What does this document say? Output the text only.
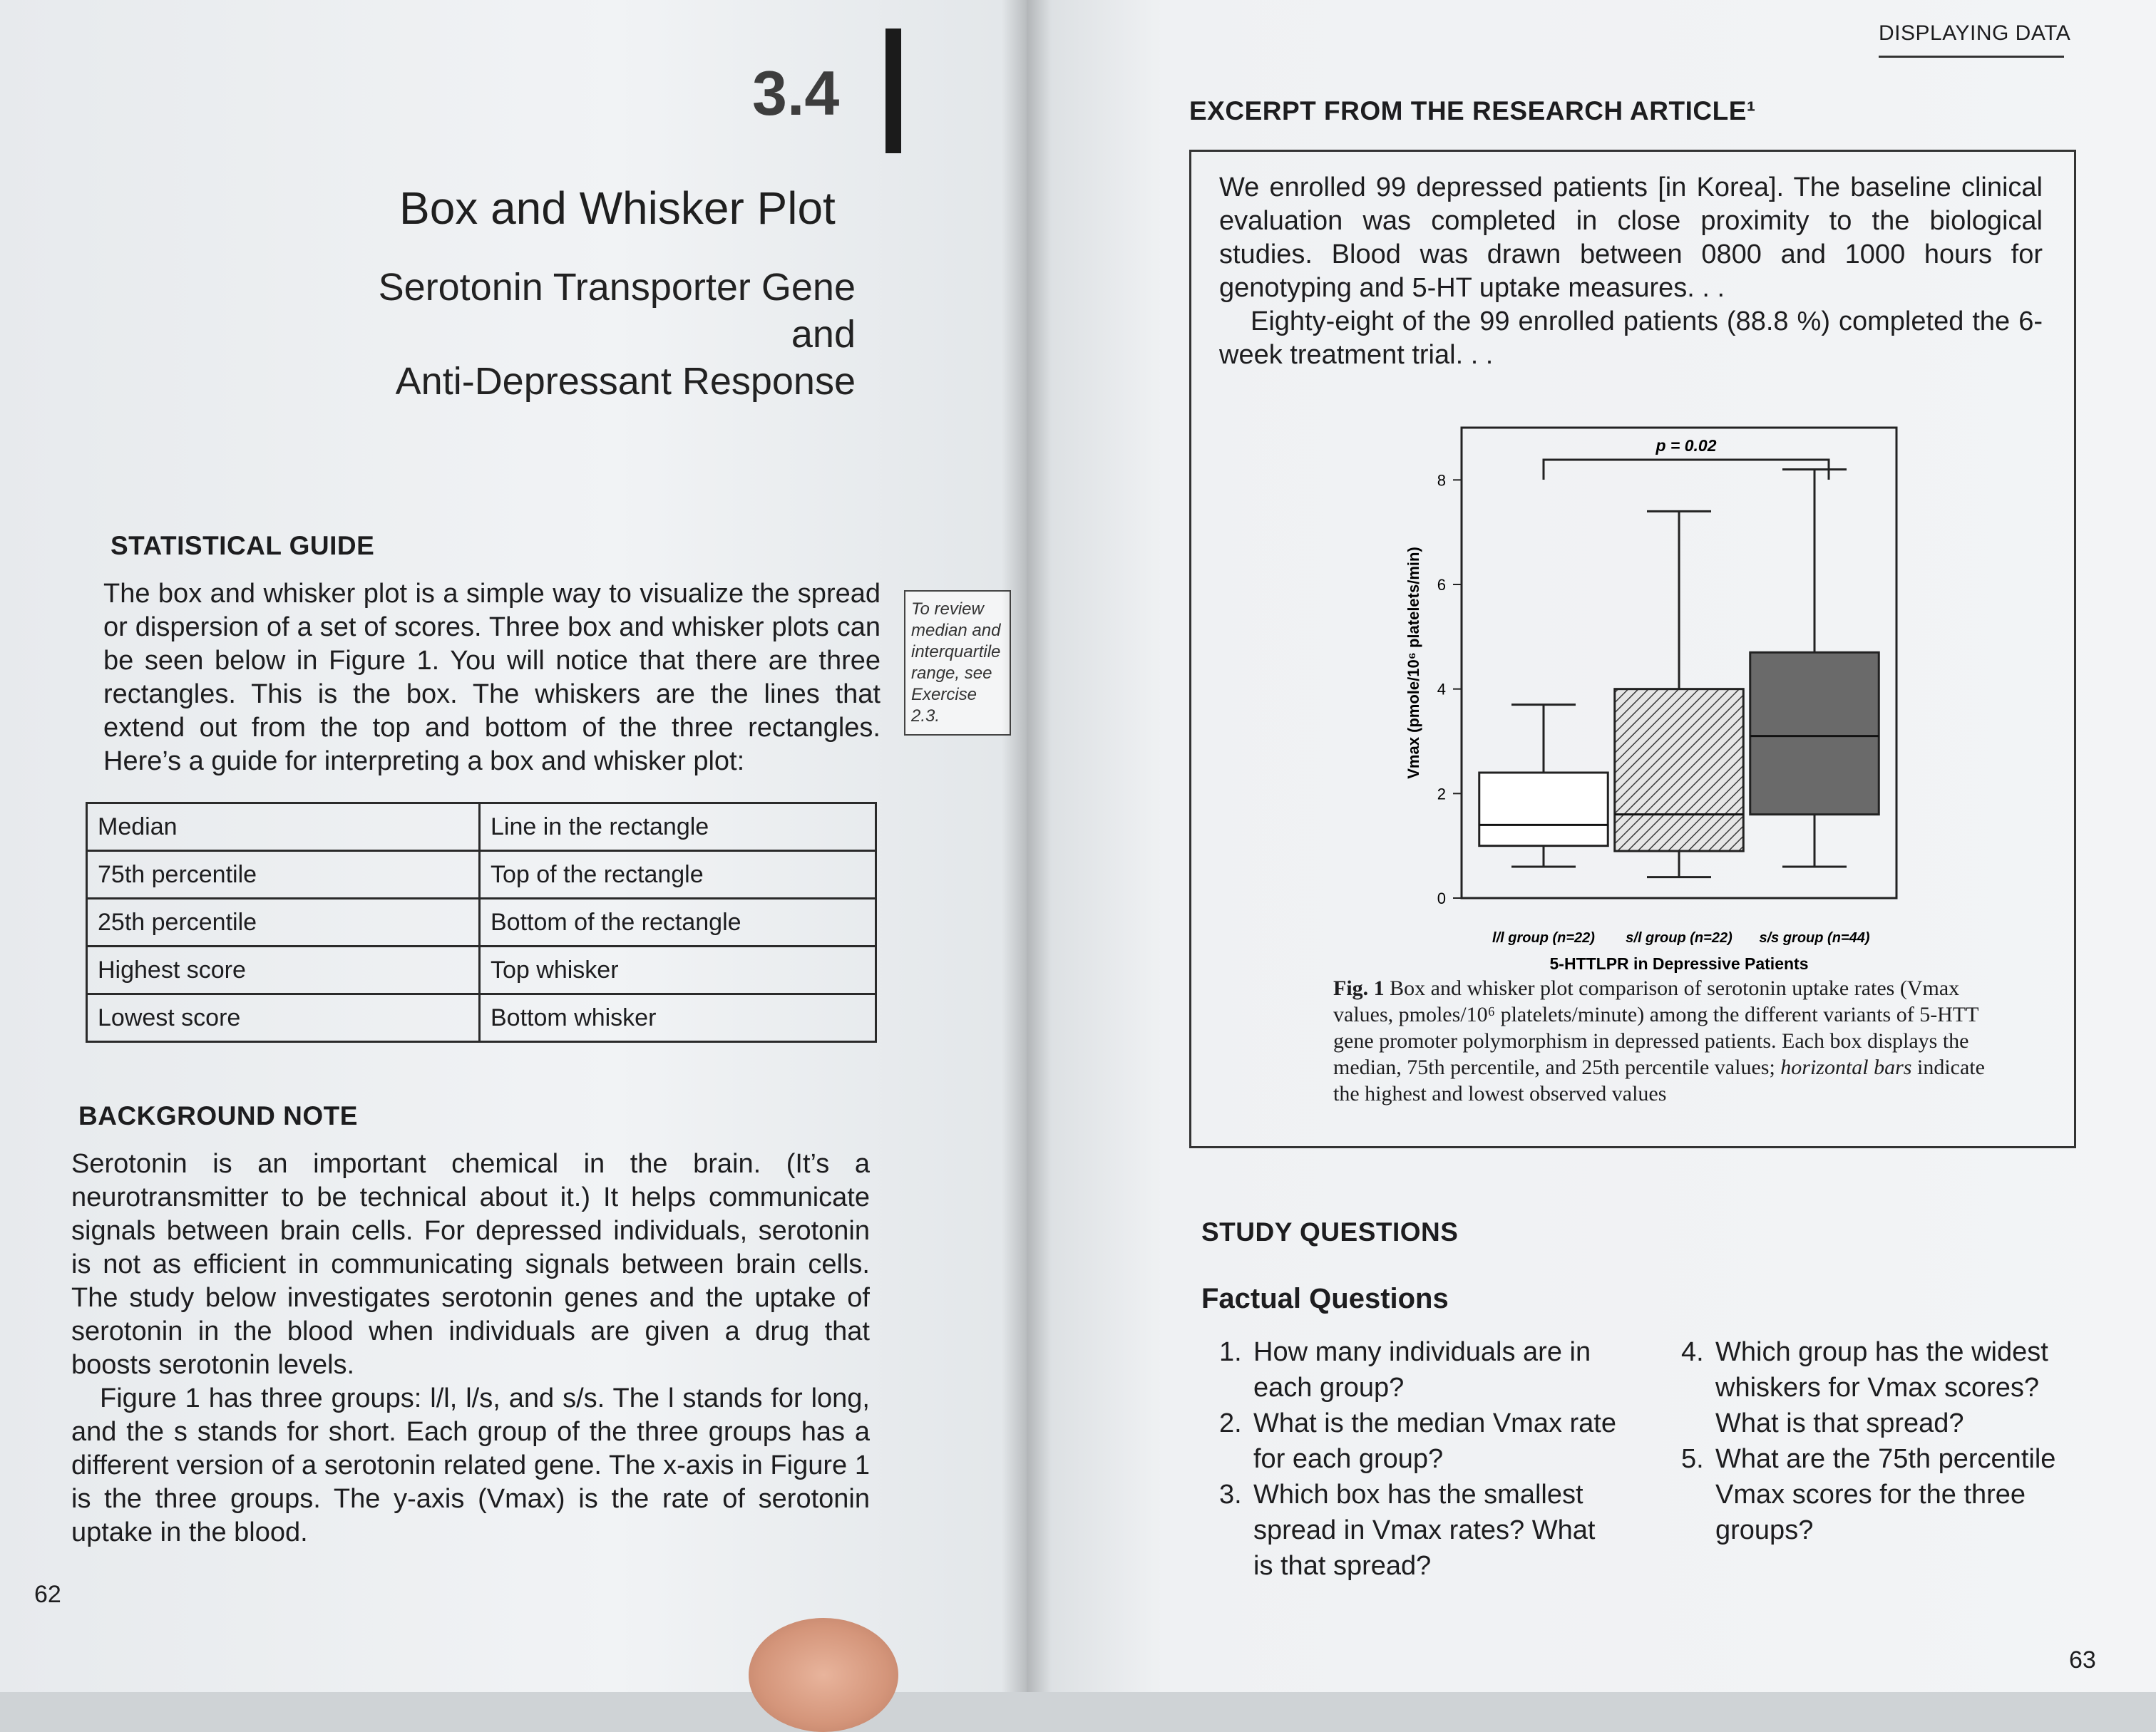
3.4
Box and Whisker Plot
Serotonin Transporter Gene and
Anti-Depressant Response
STATISTICAL GUIDE
The box and whisker plot is a simple way to visualize the spread or dispersion of a set of scores. Three box and whisker plots can be seen below in Figure 1. You will notice that there are three rectangles. This is the box. The whiskers are the lines that extend out from the top and bottom of the three rectangles. Here’s a guide for interpreting a box and whisker plot:
To review median and interquartile range, see Exercise 2.3.
Median	Line in the rectangle
75th percentile	Top of the rectangle
25th percentile	Bottom of the rectangle
Highest score	Top whisker
Lowest score	Bottom whisker
BACKGROUND NOTE

Serotonin is an important chemical in the brain. (It’s a neurotransmitter to be technical about it.) It helps communicate signals between brain cells. For depressed individuals, serotonin is not as efficient in communicating signals between brain cells. The study below investigates serotonin genes and the uptake of serotonin in the blood when individuals are given a drug that boosts serotonin levels.

Figure 1 has three groups: l/l, l/s, and s/s. The l stands for long, and the s stands for short. Each group of the three groups has a different version of a serotonin related gene. The x-axis in Figure 1 is the three groups. The y-axis (Vmax) is the rate of serotonin uptake in the blood.

62
DISPLAYING DATA
EXCERPT FROM THE RESEARCH ARTICLE¹

We enrolled 99 depressed patients [in Korea]. The baseline clinical evaluation was completed in close proximity to the biological studies. Blood was drawn between 0800 and 1000 hours for genotyping and 5-HT uptake measures. . .

Eighty-eight of the 99 enrolled patients (88.8 %) completed the 6-week treatment trial. . .

0
2
4
6
8
Vmax (pmole/10⁶ platelets/min)
l/l group (n=22) s/l group (n=22) s/s group (n=44)
5-HTTLPR in Depressive Patients
p = 0.02
Fig. 1 Box and whisker plot comparison of serotonin uptake rates (Vmax values, pmoles/10⁶ platelets/minute) among the different variants of 5-HTT gene promoter polymorphism in depressed patients. Each box displays the median, 75th percentile, and 25th percentile values; horizontal bars indicate the highest and lowest observed values
STUDY QUESTIONS
Factual Questions
1. How many individuals are in each group?
2. What is the median Vmax rate for each group?
3. Which box has the smallest spread in Vmax rates? What is that spread?
4. Which group has the widest whiskers for Vmax scores? What is that spread?
5. What are the 75th percentile Vmax scores for the three groups?
63
